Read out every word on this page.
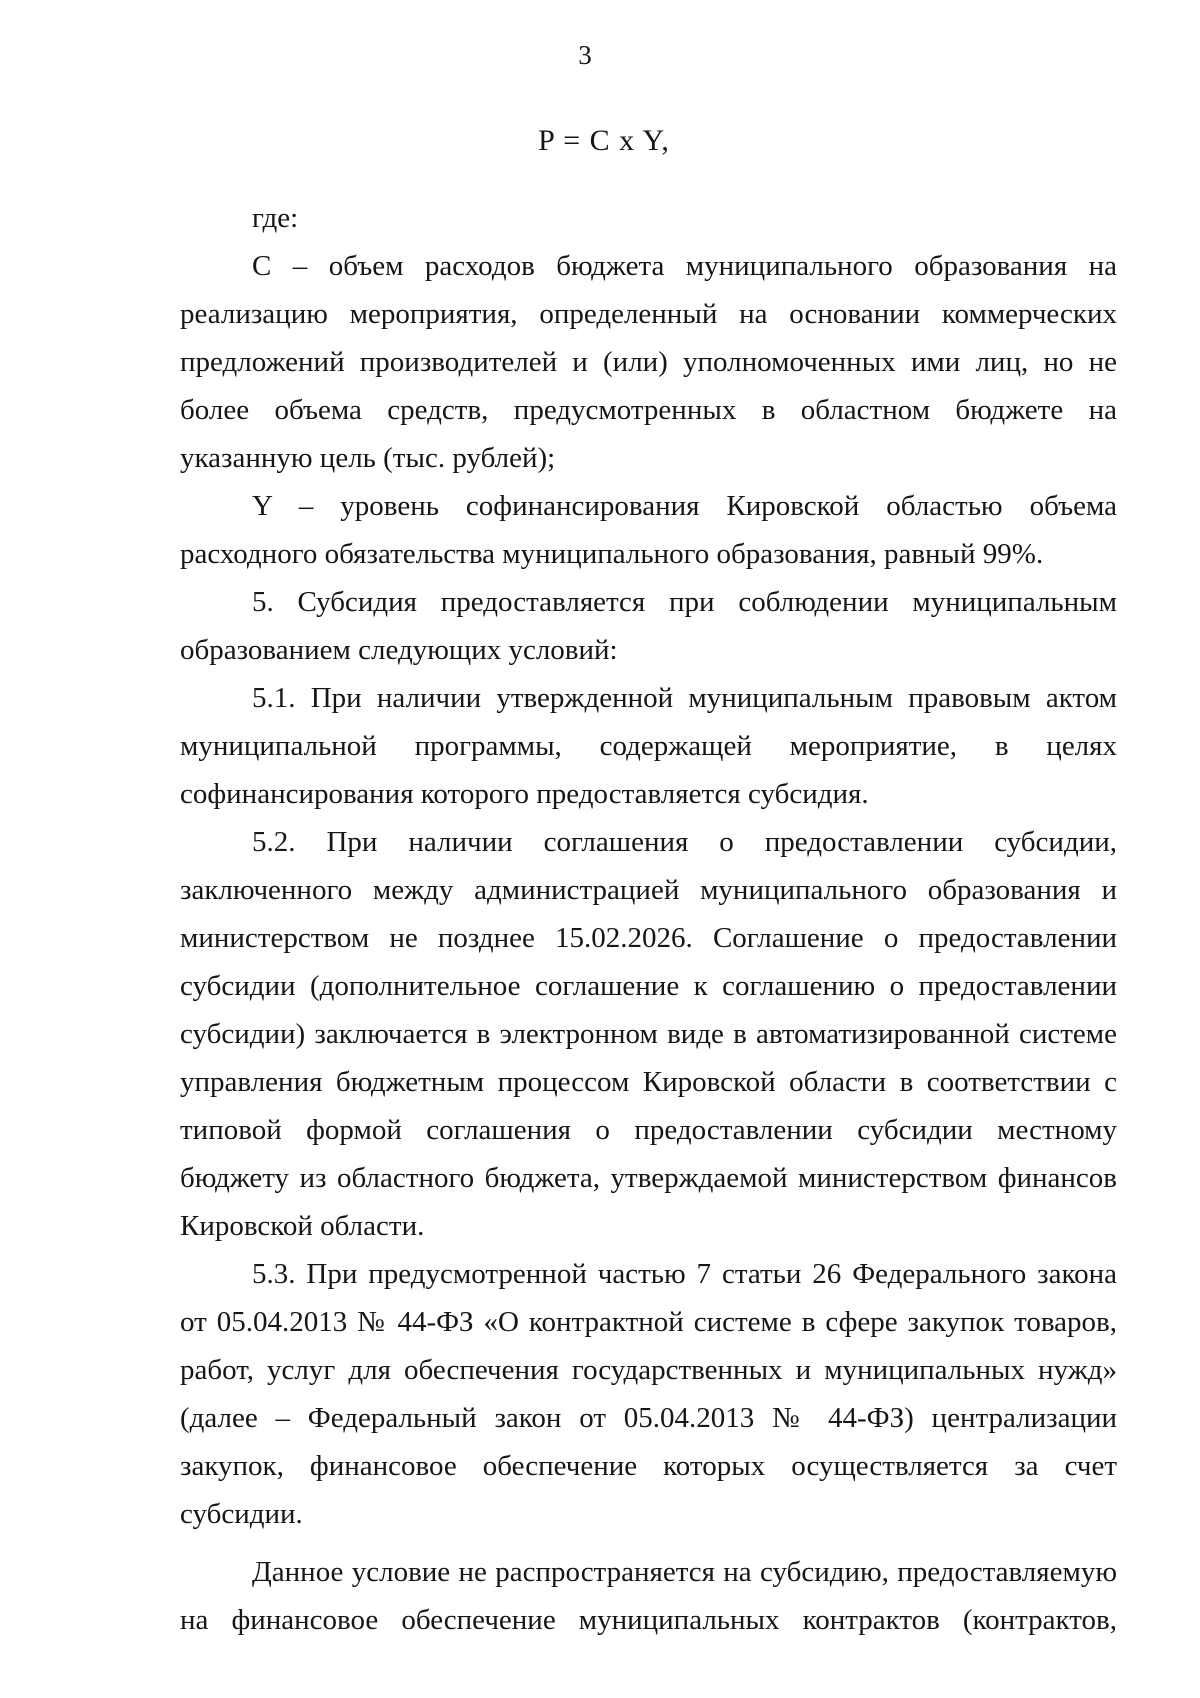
3
P = C x Y,

где:

C – объем расходов бюджета муниципального образования на реализацию мероприятия, определенный на основании коммерческих предложений производителей и (или) уполномоченных ими лиц, но не более объема средств, предусмотренных в областном бюджете на указанную цель (тыс. рублей);

Y – уровень софинансирования Кировской областью объема расходного обязательства муниципального образования, равный 99%.

5. Субсидия предоставляется при соблюдении муниципальным образованием следующих условий:

5.1. При наличии утвержденной муниципальным правовым актом муниципальной программы, содержащей мероприятие, в целях софинансирования которого предоставляется субсидия.

5.2. При наличии соглашения о предоставлении субсидии, заключенного между администрацией муниципального образования и министерством не позднее 15.02.2026. Соглашение о предоставлении субсидии (дополнительное соглашение к соглашению о предоставлении субсидии) заключается в электронном виде в автоматизированной системе управления бюджетным процессом Кировской области в соответствии с типовой формой соглашения о предоставлении субсидии местному бюджету из областного бюджета, утверждаемой министерством финансов Кировской области.

5.3. При предусмотренной частью 7 статьи 26 Федерального закона от 05.04.2013 № 44-ФЗ «О контрактной системе в сфере закупок товаров, работ, услуг для обеспечения государственных и муниципальных нужд» (далее – Федеральный закон от 05.04.2013 № 44-ФЗ) централизации закупок, финансовое обеспечение которых осуществляется за счет субсидии.

Данное условие не распространяется на субсидию, предоставляемую на финансовое обеспечение муниципальных контрактов (контрактов,
